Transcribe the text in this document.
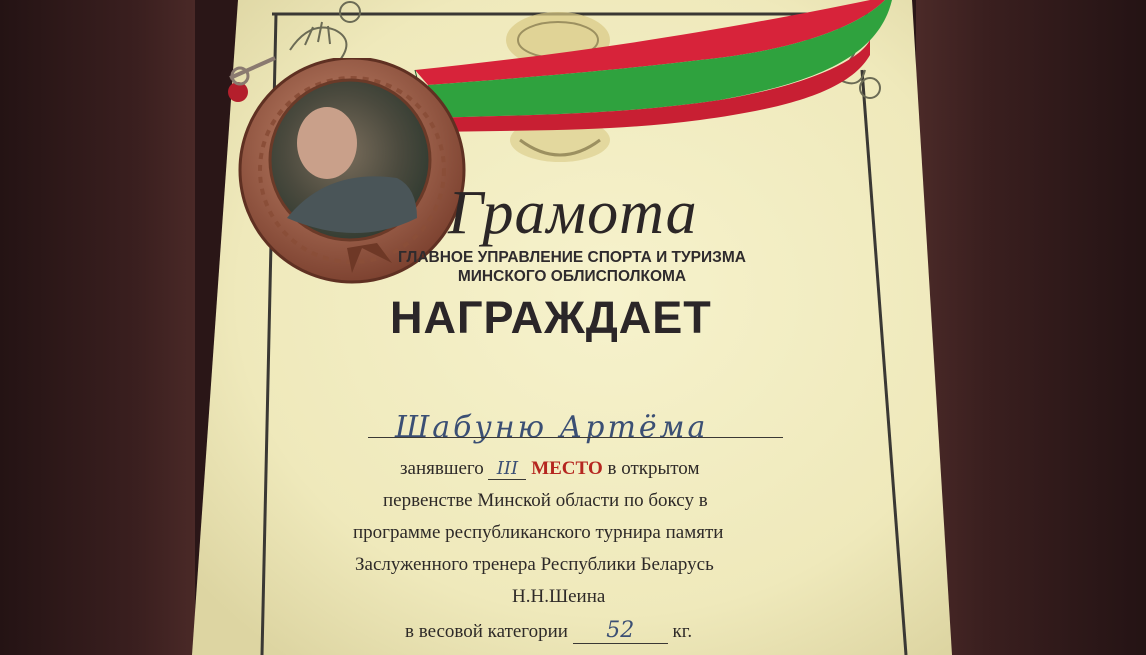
Грамота
ГЛАВНОЕ УПРАВЛЕНИЕ СПОРТА И ТУРИЗМА
МИНСКОГО ОБЛИСПОЛКОМА
НАГРАЖДАЕТ
Шабуню Артёма
занявшего III МЕСТО в открытом
первенстве Минской области по боксу в
программе республиканского турнира памяти
Заслуженного тренера Республики Беларусь
Н.Н.Шеина
в весовой категории 52 кг.
